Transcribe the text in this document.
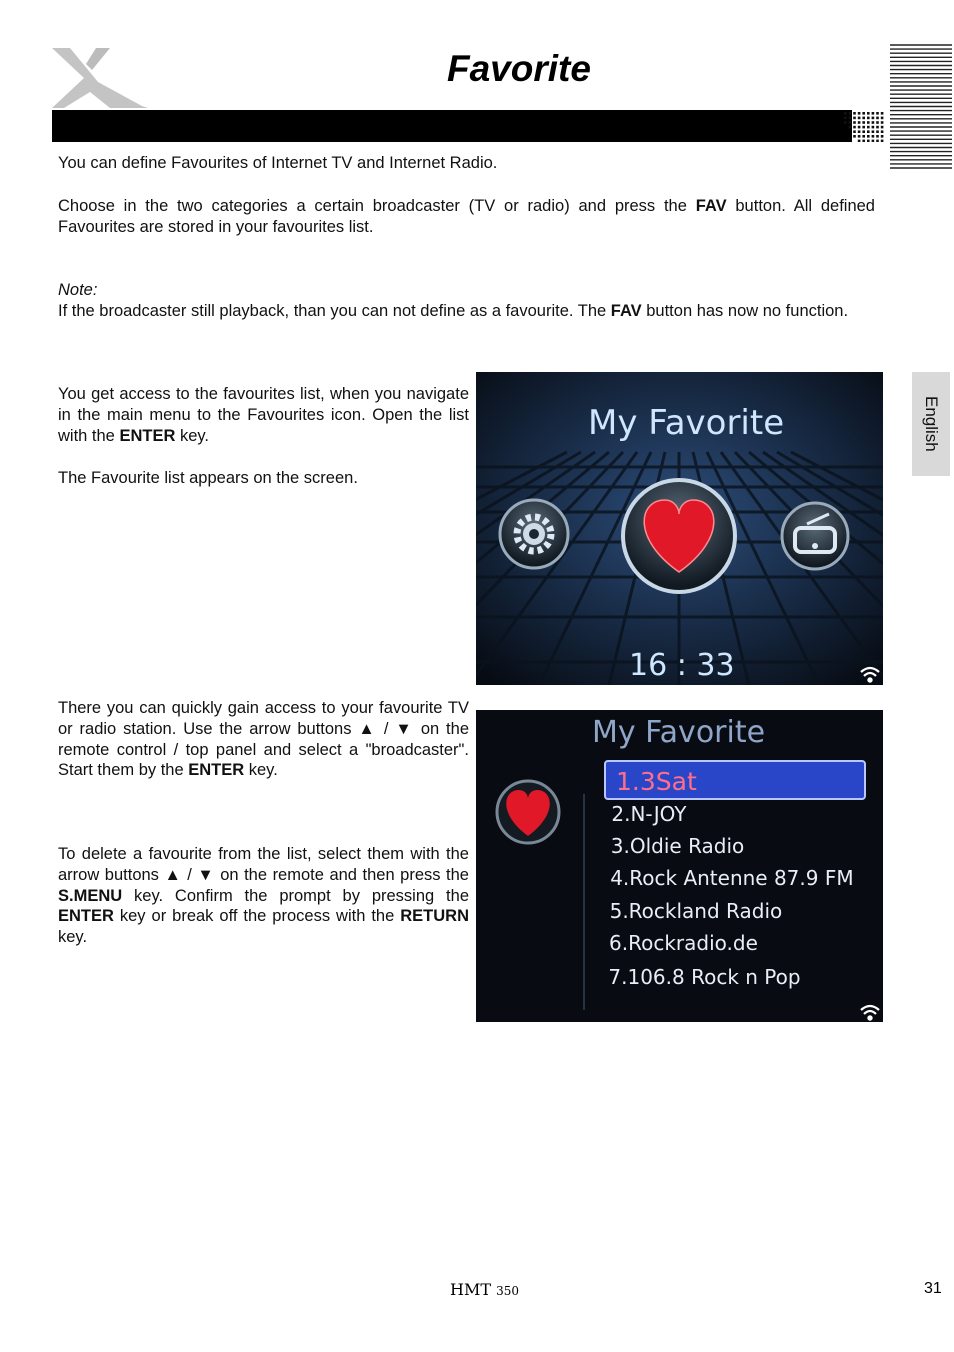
Favorite
English

You can define Favourites of Internet TV and Internet Radio.

Choose in the two categories a certain broadcaster (TV or radio) and press the FAV button. All defined Favourites are stored in your favourites list.

Note:
If the broadcaster still playback, than you can not define as a favourite. The FAV button has now no function.

You get access to the favourites list, when you navigate in the main menu to the Favourites icon. Open the list with the ENTER key.

The Favourite list appears on the screen.

My Favorite
16 : 33

There you can quickly gain access to your favourite TV or radio station. Use the arrow buttons ▲ / ▼ on the remote control / top panel and select a "broadcaster". Start them by the ENTER key.

To delete a favourite from the list, select them with the arrow buttons ▲ / ▼ on the remote and then press the S.MENU key. Confirm the prompt by pressing the ENTER key or break off the process with the RETURN key.

My Favorite
1.3Sat
2.N-JOY
3.Oldie Radio
4.Rock Antenne 87.9 FM
5.Rockland Radio
6.Rockradio.de
7.106.8 Rock n Pop
HMT 350	31
